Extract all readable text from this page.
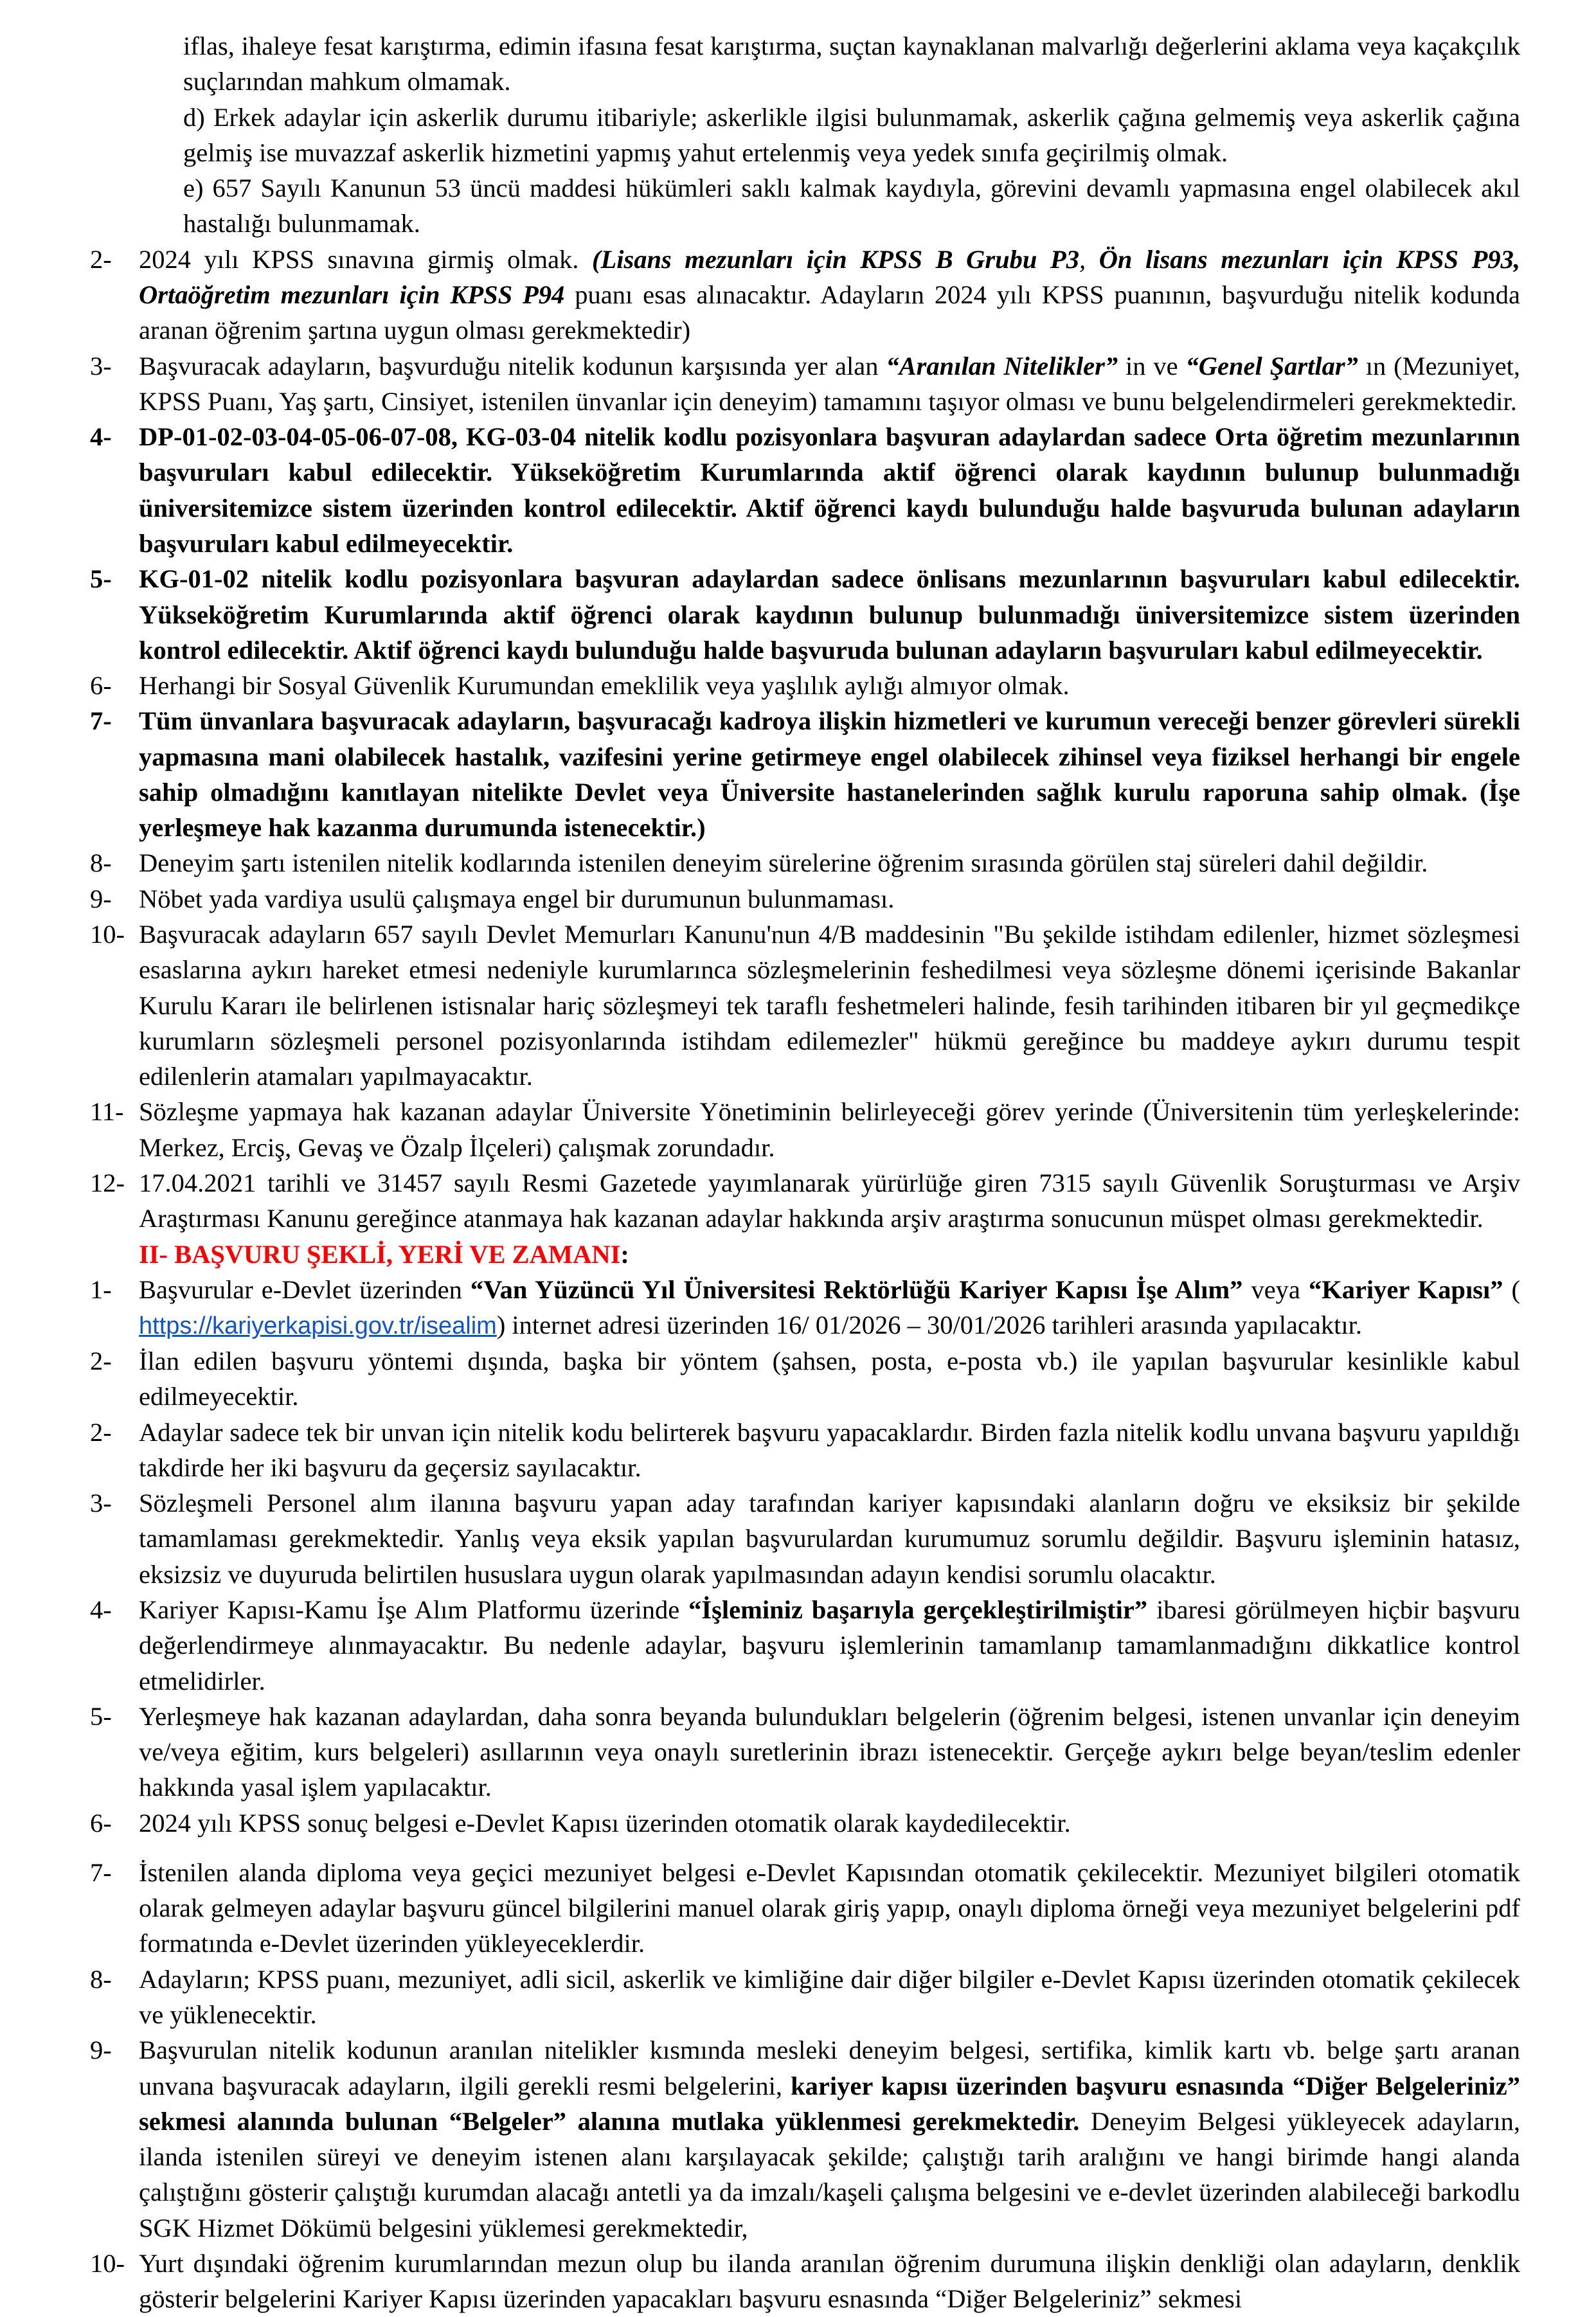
iflas, ihaleye fesat karıştırma, edimin ifasına fesat karıştırma, suçtan kaynaklanan malvarlığı değerlerini aklama veya kaçakçılık suçlarından mahkum olmamak.

d) Erkek adaylar için askerlik durumu itibariyle; askerlikle ilgisi bulunmamak, askerlik çağına gelmemiş veya askerlik çağına gelmiş ise muvazzaf askerlik hizmetini yapmış yahut ertelenmiş veya yedek sınıfa geçirilmiş olmak.

e) 657 Sayılı Kanunun 53 üncü maddesi hükümleri saklı kalmak kaydıyla, görevini devamlı yapmasına engel olabilecek akıl hastalığı bulunmamak.

2-	2024 yılı KPSS sınavına girmiş olmak. (Lisans mezunları için KPSS B Grubu P3, Ön lisans mezunları için KPSS P93, Ortaöğretim mezunları için KPSS P94 puanı esas alınacaktır. Adayların 2024 yılı KPSS puanının, başvurduğu nitelik kodunda aranan öğrenim şartına uygun olması gerekmektedir)
3-	Başvuracak adayların, başvurduğu nitelik kodunun karşısında yer alan “Aranılan Nitelikler” in ve “Genel Şartlar” ın (Mezuniyet, KPSS Puanı, Yaş şartı, Cinsiyet, istenilen ünvanlar için deneyim) tamamını taşıyor olması ve bunu belgelendirmeleri gerekmektedir.
4-	DP-01-02-03-04-05-06-07-08, KG-03-04 nitelik kodlu pozisyonlara başvuran adaylardan sadece Orta öğretim mezunlarının başvuruları kabul edilecektir. Yükseköğretim Kurumlarında aktif öğrenci olarak kaydının bulunup bulunmadığı üniversitemizce sistem üzerinden kontrol edilecektir. Aktif öğrenci kaydı bulunduğu halde başvuruda bulunan adayların başvuruları kabul edilmeyecektir.
5-	KG-01-02 nitelik kodlu pozisyonlara başvuran adaylardan sadece önlisans mezunlarının başvuruları kabul edilecektir. Yükseköğretim Kurumlarında aktif öğrenci olarak kaydının bulunup bulunmadığı üniversitemizce sistem üzerinden kontrol edilecektir. Aktif öğrenci kaydı bulunduğu halde başvuruda bulunan adayların başvuruları kabul edilmeyecektir.
6-	Herhangi bir Sosyal Güvenlik Kurumundan emeklilik veya yaşlılık aylığı almıyor olmak.
7-	Tüm ünvanlara başvuracak adayların, başvuracağı kadroya ilişkin hizmetleri ve kurumun vereceği benzer görevleri sürekli yapmasına mani olabilecek hastalık, vazifesini yerine getirmeye engel olabilecek zihinsel veya fiziksel herhangi bir engele sahip olmadığını kanıtlayan nitelikte Devlet veya Üniversite hastanelerinden sağlık kurulu raporuna sahip olmak. (İşe yerleşmeye hak kazanma durumunda istenecektir.)
8-	Deneyim şartı istenilen nitelik kodlarında istenilen deneyim sürelerine öğrenim sırasında görülen staj süreleri dahil değildir.
9-	Nöbet yada vardiya usulü çalışmaya engel bir durumunun bulunmaması.
10- Başvuracak adayların 657 sayılı Devlet Memurları Kanunu'nun 4/B maddesinin "Bu şekilde istihdam edilenler, hizmet sözleşmesi esaslarına aykırı hareket etmesi nedeniyle kurumlarınca sözleşmelerinin feshedilmesi veya sözleşme dönemi içerisinde Bakanlar Kurulu Kararı ile belirlenen istisnalar hariç sözleşmeyi tek taraflı feshetmeleri halinde, fesih tarihinden itibaren bir yıl geçmedikçe kurumların sözleşmeli personel pozisyonlarında istihdam edilemezler" hükmü gereğince bu maddeye aykırı durumu tespit edilenlerin atamaları yapılmayacaktır.
11- Sözleşme yapmaya hak kazanan adaylar Üniversite Yönetiminin belirleyeceği görev yerinde (Üniversitenin tüm yerleşkelerinde: Merkez, Erciş, Gevaş ve Özalp İlçeleri) çalışmak zorundadır.
12- 17.04.2021 tarihli ve 31457 sayılı Resmi Gazetede yayımlanarak yürürlüğe giren 7315 sayılı Güvenlik Soruşturması ve Arşiv Araştırması Kanunu gereğince atanmaya hak kazanan adaylar hakkında arşiv araştırma sonucunun müspet olması gerekmektedir.

II- BAŞVURU ŞEKLİ, YERİ VE ZAMANI:

1-	Başvurular e-Devlet üzerinden “Van Yüzüncü Yıl Üniversitesi Rektörlüğü Kariyer Kapısı İşe Alım” veya “Kariyer Kapısı” ( https://kariyerkapisi.gov.tr/isealim) internet adresi üzerinden 16/ 01/2026 – 30/01/2026 tarihleri arasında yapılacaktır.
2-	İlan edilen başvuru yöntemi dışında, başka bir yöntem (şahsen, posta, e-posta vb.) ile yapılan başvurular kesinlikle kabul edilmeyecektir.
2-	Adaylar sadece tek bir unvan için nitelik kodu belirterek başvuru yapacaklardır. Birden fazla nitelik kodlu unvana başvuru yapıldığı takdirde her iki başvuru da geçersiz sayılacaktır.
3-	Sözleşmeli Personel alım ilanına başvuru yapan aday tarafından kariyer kapısındaki alanların doğru ve eksiksiz bir şekilde tamamlaması gerekmektedir. Yanlış veya eksik yapılan başvurulardan kurumumuz sorumlu değildir. Başvuru işleminin hatasız, eksizsiz ve duyuruda belirtilen hususlara uygun olarak yapılmasından adayın kendisi sorumlu olacaktır.
4-	Kariyer Kapısı-Kamu İşe Alım Platformu üzerinde “İşleminiz başarıyla gerçekleştirilmiştir” ibaresi görülmeyen hiçbir başvuru değerlendirmeye alınmayacaktır. Bu nedenle adaylar, başvuru işlemlerinin tamamlanıp tamamlanmadığını dikkatlice kontrol etmelidirler.
5-	Yerleşmeye hak kazanan adaylardan, daha sonra beyanda bulundukları belgelerin (öğrenim belgesi, istenen unvanlar için deneyim ve/veya eğitim, kurs belgeleri) asıllarının veya onaylı suretlerinin ibrazı istenecektir. Gerçeğe aykırı belge beyan/teslim edenler hakkında yasal işlem yapılacaktır.
6-	2024 yılı KPSS sonuç belgesi e-Devlet Kapısı üzerinden otomatik olarak kaydedilecektir.
7-	İstenilen alanda diploma veya geçici mezuniyet belgesi e-Devlet Kapısından otomatik çekilecektir. Mezuniyet bilgileri otomatik olarak gelmeyen adaylar başvuru güncel bilgilerini manuel olarak giriş yapıp, onaylı diploma örneği veya mezuniyet belgelerini pdf formatında e-Devlet üzerinden yükleyeceklerdir.
8-	Adayların; KPSS puanı, mezuniyet, adli sicil, askerlik ve kimliğine dair diğer bilgiler e-Devlet Kapısı üzerinden otomatik çekilecek ve yüklenecektir.
9-	Başvurulan nitelik kodunun aranılan nitelikler kısmında mesleki deneyim belgesi, sertifika, kimlik kartı vb. belge şartı aranan unvana başvuracak adayların, ilgili gerekli resmi belgelerini, kariyer kapısı üzerinden başvuru esnasında “Diğer Belgeleriniz” sekmesi alanında bulunan “Belgeler” alanına mutlaka yüklenmesi gerekmektedir. Deneyim Belgesi yükleyecek adayların, ilanda istenilen süreyi ve deneyim istenen alanı karşılayacak şekilde; çalıştığı tarih aralığını ve hangi birimde hangi alanda çalıştığını gösterir çalıştığı kurumdan alacağı antetli ya da imzalı/kaşeli çalışma belgesini ve e-devlet üzerinden alabileceği barkodlu SGK Hizmet Dökümü belgesini yüklemesi gerekmektedir,
10- Yurt dışındaki öğrenim kurumlarından mezun olup bu ilanda aranılan öğrenim durumuna ilişkin denkliği olan adayların, denklik gösterir belgelerini Kariyer Kapısı üzerinden yapacakları başvuru esnasında “Diğer Belgeleriniz” sekmesi
